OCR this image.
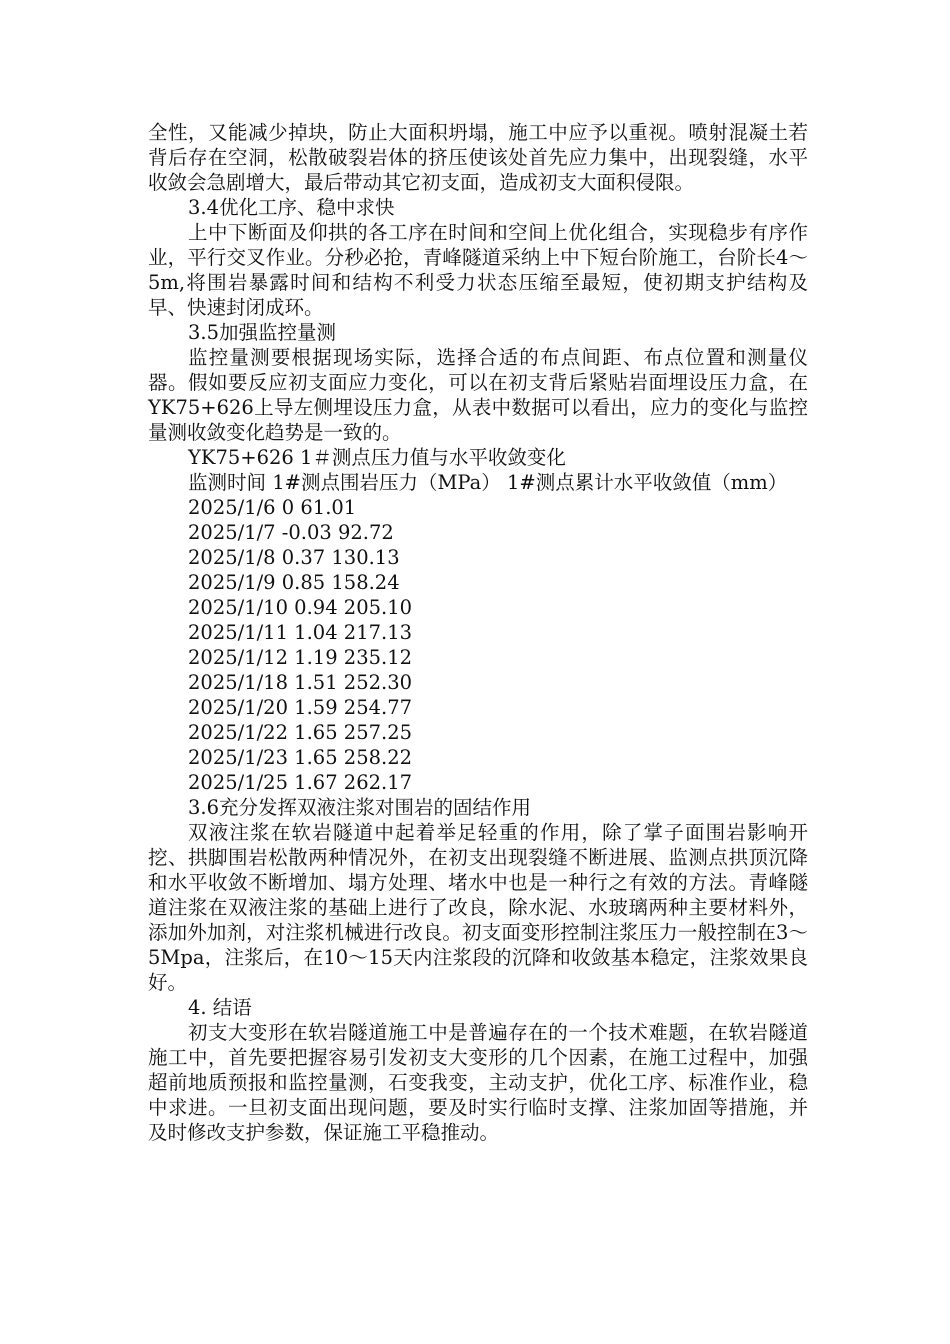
全性，又能减少掉块，防止大面积坍塌，施工中应予以重视。喷射混凝土若背后存在空洞，松散破裂岩体的挤压使该处首先应力集中，出现裂缝，水平收敛会急剧增大，最后带动其它初支面，造成初支大面积侵限。

3.4优化工序、稳中求快

上中下断面及仰拱的各工序在时间和空间上优化组合，实现稳步有序作业，平行交叉作业。分秒必抢，青峰隧道采纳上中下短台阶施工，台阶长4～5m,将围岩暴露时间和结构不利受力状态压缩至最短，使初期支护结构及早、快速封闭成环。

3.5加强监控量测

监控量测要根据现场实际，选择合适的布点间距、布点位置和测量仪器。假如要反应初支面应力变化，可以在初支背后紧贴岩面埋设压力盒，在YK75+626上导左侧埋设压力盒，从表中数据可以看出，应力的变化与监控量测收敛变化趋势是一致的。

YK75+626 1＃测点压力值与水平收敛变化

监测时间 1#测点围岩压力（MPa） 1#测点累计水平收敛值（mm）

2025/1/6 0 61.01

2025/1/7 -0.03 92.72

2025/1/8 0.37 130.13

2025/1/9 0.85 158.24

2025/1/10 0.94 205.10

2025/1/11 1.04 217.13

2025/1/12 1.19 235.12

2025/1/18 1.51 252.30

2025/1/20 1.59 254.77

2025/1/22 1.65 257.25

2025/1/23 1.65 258.22

2025/1/25 1.67 262.17

3.6充分发挥双液注浆对围岩的固结作用

双液注浆在软岩隧道中起着举足轻重的作用，除了掌子面围岩影响开挖、拱脚围岩松散两种情况外，在初支出现裂缝不断进展、监测点拱顶沉降和水平收敛不断增加、塌方处理、堵水中也是一种行之有效的方法。青峰隧道注浆在双液注浆的基础上进行了改良，除水泥、水玻璃两种主要材料外，添加外加剂，对注浆机械进行改良。初支面变形控制注浆压力一般控制在3～5Mpa，注浆后，在10～15天内注浆段的沉降和收敛基本稳定，注浆效果良好。

4. 结语

初支大变形在软岩隧道施工中是普遍存在的一个技术难题，在软岩隧道施工中，首先要把握容易引发初支大变形的几个因素，在施工过程中，加强超前地质预报和监控量测，石变我变，主动支护，优化工序、标准作业，稳中求进。一旦初支面出现问题，要及时实行临时支撑、注浆加固等措施，并及时修改支护参数，保证施工平稳推动。
